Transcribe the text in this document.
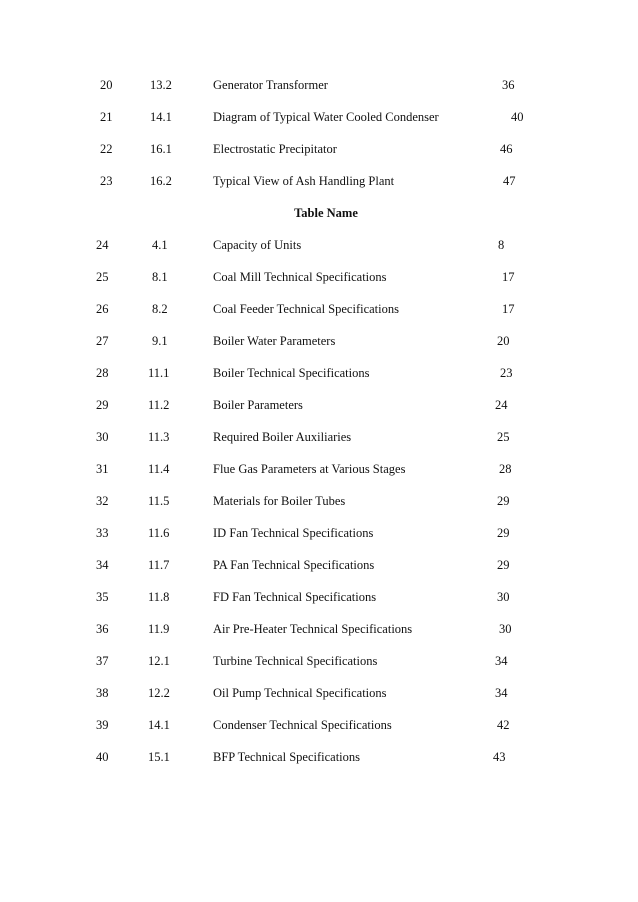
20	13.2	Generator Transformer	36
21	14.1	Diagram of Typical Water Cooled Condenser	40
22	16.1	Electrostatic Precipitator	46
23	16.2	Typical View of Ash Handling Plant	47
Table Name
24	4.1	Capacity of Units	8
25	8.1	Coal Mill Technical Specifications	17
26	8.2	Coal Feeder Technical Specifications	17
27	9.1	Boiler Water Parameters	20
28	11.1	Boiler Technical Specifications	23
29	11.2	Boiler Parameters	24
30	11.3	Required Boiler Auxiliaries	25
31	11.4	Flue Gas Parameters at Various Stages	28
32	11.5	Materials for Boiler Tubes	29
33	11.6	ID Fan Technical Specifications	29
34	11.7	PA Fan Technical Specifications	29
35	11.8	FD Fan Technical Specifications	30
36	11.9	Air Pre-Heater Technical Specifications	30
37	12.1	Turbine Technical Specifications	34
38	12.2	Oil Pump Technical Specifications	34
39	14.1	Condenser Technical Specifications	42
40	15.1	BFP Technical Specifications	43
